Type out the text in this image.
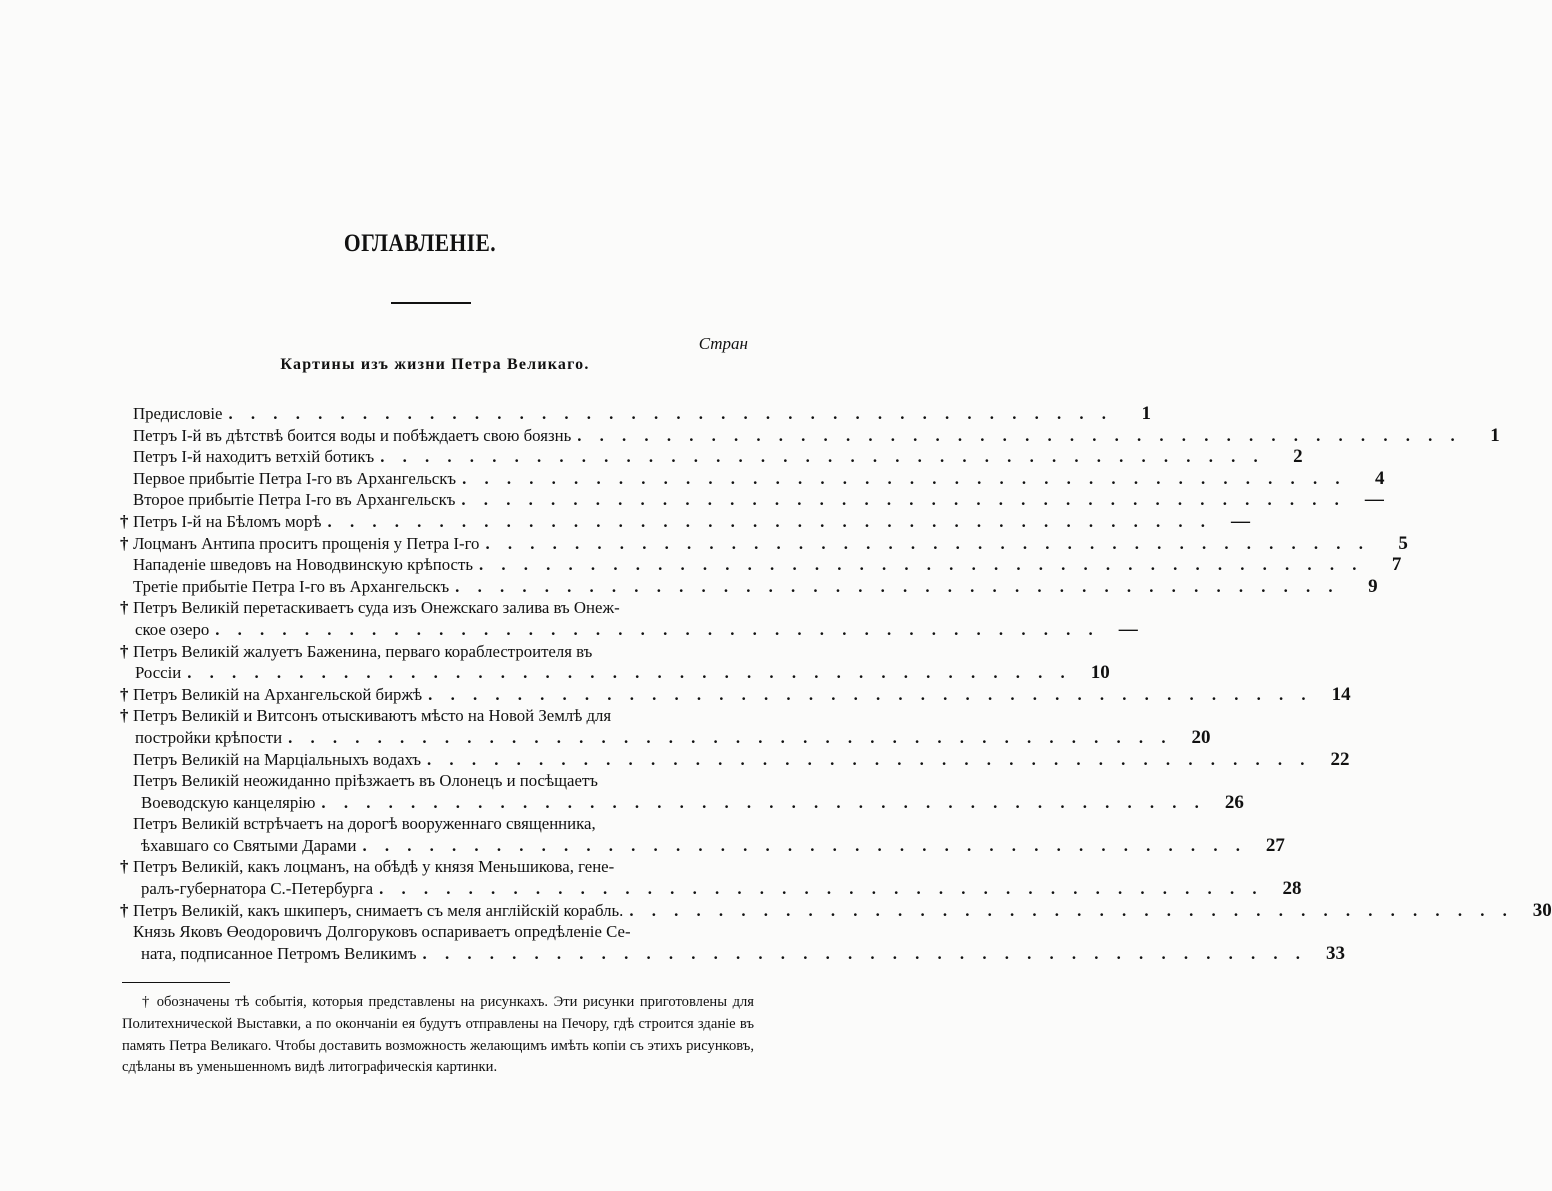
ОГЛАВЛЕНIЕ.
Стран
Картины изъ жизни Петра Великаго.
Предисловіе . . . . . . . . . . . . . . . . . . . . . . . . . . . . . . . . . . . . . . . .	1
Петръ I-й въ дѣтствѣ боится воды и побѣждаетъ свою боязнь . . . . . . . . . . . . . . . . . . . . . . . . . . . . . . . . . . . . . . . .	1
Петръ I-й находитъ ветхій ботикъ . . . . . . . . . . . . . . . . . . . . . . . . . . . . . . . . . . . . . . . .	2
Первое прибытіе Петра I-го въ Архангельскъ . . . . . . . . . . . . . . . . . . . . . . . . . . . . . . . . . . . . . . . .	4
Второе прибытіе Петра I-го въ Архангельскъ . . . . . . . . . . . . . . . . . . . . . . . . . . . . . . . . . . . . . . . .	—
† Петръ I-й на Бѣломъ морѣ . . . . . . . . . . . . . . . . . . . . . . . . . . . . . . . . . . . . . . . .	—
† Лоцманъ Антипа проситъ прощенія у Петра I-го . . . . . . . . . . . . . . . . . . . . . . . . . . . . . . . . . . . . . . . .	5
Нападеніе шведовъ на Новодвинскую крѣпость . . . . . . . . . . . . . . . . . . . . . . . . . . . . . . . . . . . . . . . .	7
Третіе прибытіе Петра I-го въ Архангельскъ . . . . . . . . . . . . . . . . . . . . . . . . . . . . . . . . . . . . . . . .	9
† Петръ Великій перетаскиваетъ суда изъ Онежскаго залива въ Онеж-
ское озеро . . . . . . . . . . . . . . . . . . . . . . . . . . . . . . . . . . . . . . . .	—
† Петръ Великій жалуетъ Баженина, перваго кораблестроителя въ
Россіи . . . . . . . . . . . . . . . . . . . . . . . . . . . . . . . . . . . . . . . .	10
† Петръ Великій на Архангельской биржѣ . . . . . . . . . . . . . . . . . . . . . . . . . . . . . . . . . . . . . . . .	14
† Петръ Великій и Витсонъ отыскиваютъ мѣсто на Новой Землѣ для
постройки крѣпости . . . . . . . . . . . . . . . . . . . . . . . . . . . . . . . . . . . . . . . .	20
Петръ Великій на Марціальныхъ водахъ . . . . . . . . . . . . . . . . . . . . . . . . . . . . . . . . . . . . . . . .	22
Петръ Великій неожиданно пріѣзжаетъ въ Олонецъ и посѣщаетъ
Воеводскую канцелярію . . . . . . . . . . . . . . . . . . . . . . . . . . . . . . . . . . . . . . . .	26
Петръ Великій встрѣчаетъ на дорогѣ вооруженнаго священника,
ѣхавшаго со Святыми Дарами . . . . . . . . . . . . . . . . . . . . . . . . . . . . . . . . . . . . . . . .	27
† Петръ Великій, какъ лоцманъ, на обѣдѣ у князя Меньшикова, гене-
ралъ-губернатора С.-Петербурга . . . . . . . . . . . . . . . . . . . . . . . . . . . . . . . . . . . . . . . .	28
† Петръ Великій, какъ шкиперъ, снимаетъ съ меля англійскій корабль. . . . . . . . . . . . . . . . . . . . . . . . . . . . . . . . . . . . . . . . .	30
Князь Яковъ Өеодоровичъ Долгоруковъ оспариваетъ опредѣленіе Се-
ната, подписанное Петромъ Великимъ . . . . . . . . . . . . . . . . . . . . . . . . . . . . . . . . . . . . . . . .	33

† обозначены тѣ событія, которыя представлены на рисункахъ. Эти рисунки приготовлены для Политехнической Выставки, а по окончаніи ея будутъ отправлены на Печору, гдѣ строится зданіе въ память Петра Великаго. Чтобы доставить возможность желающимъ имѣть копіи съ этихъ рисунковъ, сдѣланы въ уменьшенномъ видѣ литографическія картинки.
